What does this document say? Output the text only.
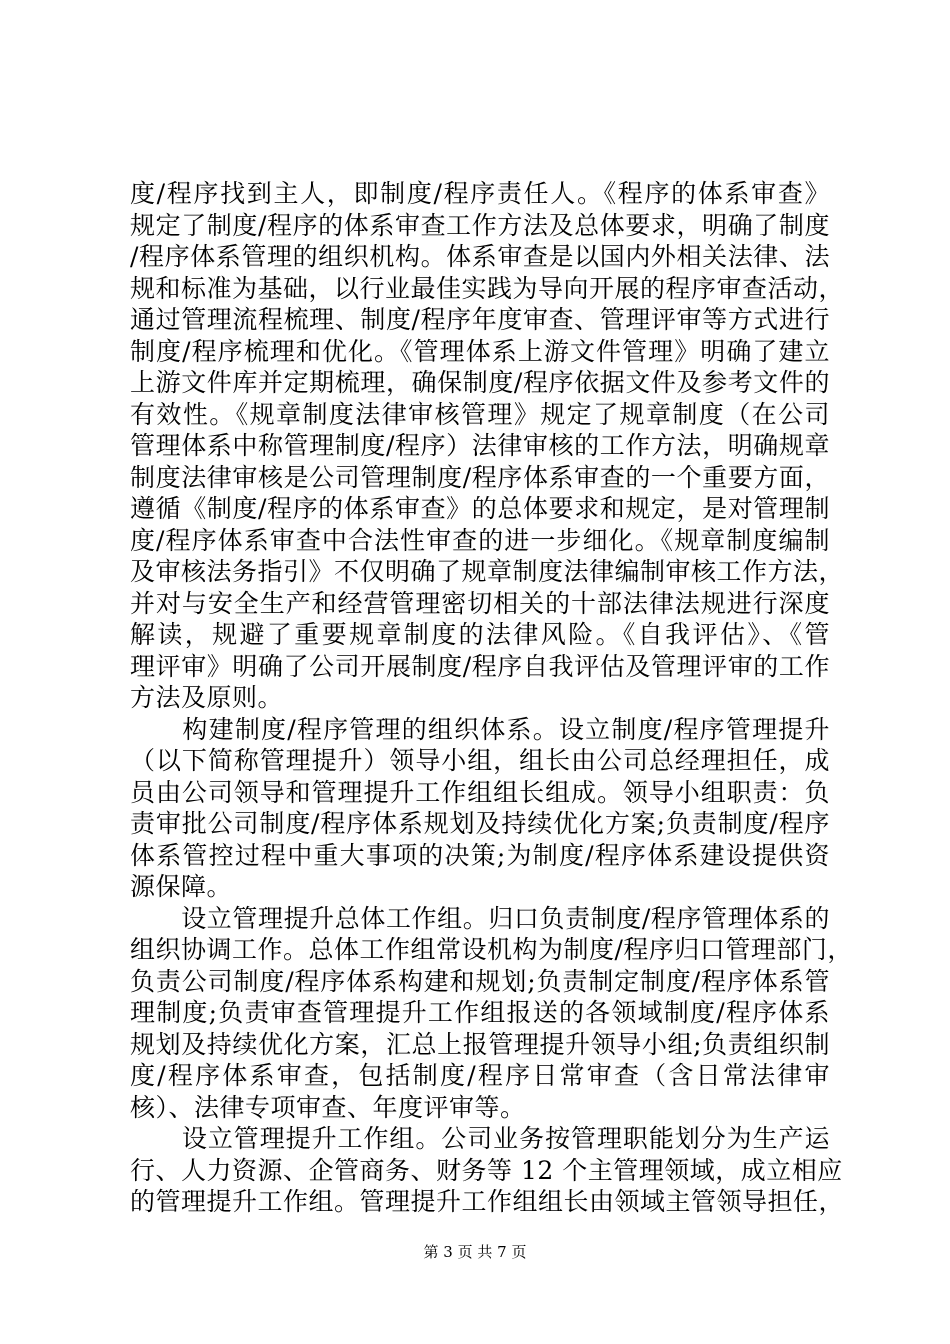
度/程序找到主人，即制度/程序责任人。《程序的体系审查》
规定了制度/程序的体系审查工作方法及总体要求，明确了制度
/程序体系管理的组织机构。体系审查是以国内外相关法律、法
规和标准为基础，以行业最佳实践为导向开展的程序审查活动，
通过管理流程梳理、制度/程序年度审查、管理评审等方式进行
制度/程序梳理和优化。《管理体系上游文件管理》明确了建立
上游文件库并定期梳理，确保制度/程序依据文件及参考文件的
有效性。《规章制度法律审核管理》规定了规章制度（在公司
管理体系中称管理制度/程序）法律审核的工作方法，明确规章
制度法律审核是公司管理制度/程序体系审查的一个重要方面，
遵循《制度/程序的体系审查》的总体要求和规定，是对管理制
度/程序体系审查中合法性审查的进一步细化。《规章制度编制
及审核法务指引》不仅明确了规章制度法律编制审核工作方法，
并对与安全生产和经营管理密切相关的十部法律法规进行深度
解读，规避了重要规章制度的法律风险。《自我评估》、《管
理评审》明确了公司开展制度/程序自我评估及管理评审的工作
方法及原则。
　　构建制度/程序管理的组织体系。设立制度/程序管理提升
（以下简称管理提升）领导小组，组长由公司总经理担任，成
员由公司领导和管理提升工作组组长组成。领导小组职责：负
责审批公司制度/程序体系规划及持续优化方案;负责制度/程序
体系管控过程中重大事项的决策;为制度/程序体系建设提供资
源保障。
　　设立管理提升总体工作组。归口负责制度/程序管理体系的
组织协调工作。总体工作组常设机构为制度/程序归口管理部门，
负责公司制度/程序体系构建和规划;负责制定制度/程序体系管
理制度;负责审查管理提升工作组报送的各领域制度/程序体系
规划及持续优化方案，汇总上报管理提升领导小组;负责组织制
度/程序体系审查，包括制度/程序日常审查（含日常法律审
核）、法律专项审查、年度评审等。
　　设立管理提升工作组。公司业务按管理职能划分为生产运
行、人力资源、企管商务、财务等 12 个主管理领域，成立相应
的管理提升工作组。管理提升工作组组长由领域主管领导担任，
第 3 页 共 7 页
